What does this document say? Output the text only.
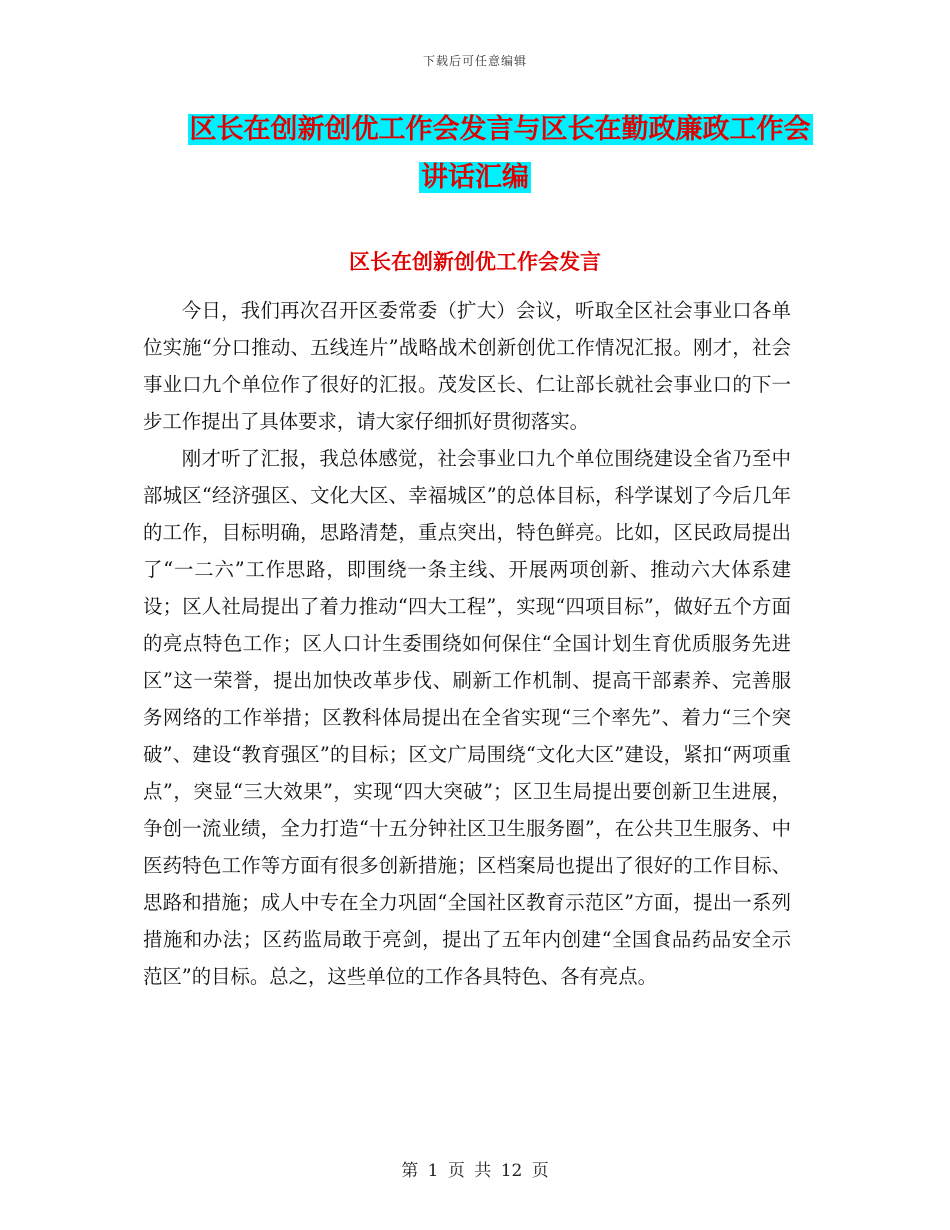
下载后可任意编辑
区长在创新创优工作会发言与区长在勤政廉政工作会
讲话汇编
区长在创新创优工作会发言

今日，我们再次召开区委常委（扩大）会议，听取全区社会事业口各单位实施“分口推动、五线连片”战略战术创新创优工作情况汇报。刚才，社会事业口九个单位作了很好的汇报。茂发区长、仁让部长就社会事业口的下一步工作提出了具体要求，请大家仔细抓好贯彻落实。

刚才听了汇报，我总体感觉，社会事业口九个单位围绕建设全省乃至中部城区“经济强区、文化大区、幸福城区”的总体目标，科学谋划了今后几年的工作，目标明确，思路清楚，重点突出，特色鲜亮。比如，区民政局提出了“一二六”工作思路，即围绕一条主线、开展两项创新、推动六大体系建设；区人社局提出了着力推动“四大工程”，实现“四项目标”，做好五个方面的亮点特色工作；区人口计生委围绕如何保住“全国计划生育优质服务先进区”这一荣誉，提出加快改革步伐、刷新工作机制、提高干部素养、完善服务网络的工作举措；区教科体局提出在全省实现“三个率先”、着力“三个突破”、建设“教育强区”的目标；区文广局围绕“文化大区”建设，紧扣“两项重点”，突显“三大效果”，实现“四大突破”；区卫生局提出要创新卫生进展，争创一流业绩，全力打造“十五分钟社区卫生服务圈”，在公共卫生服务、中医药特色工作等方面有很多创新措施；区档案局也提出了很好的工作目标、思路和措施；成人中专在全力巩固“全国社区教育示范区”方面，提出一系列措施和办法；区药监局敢于亮剑，提出了五年内创建“全国食品药品安全示范区”的目标。总之，这些单位的工作各具特色、各有亮点。

第 1 页 共 12 页
